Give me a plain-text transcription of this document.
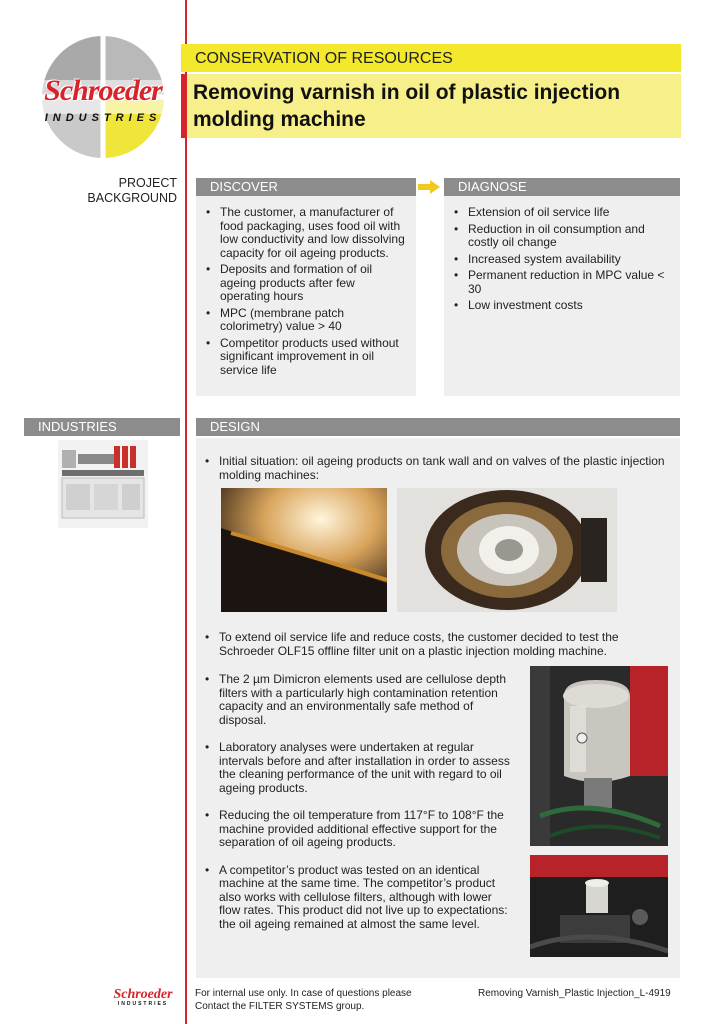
Schroeder
INDUSTRIES
CONSERVATION OF RESOURCES
Removing varnish in oil of plastic injection molding machine
PROJECT BACKGROUND
DISCOVER
• The customer, a manufacturer of food packaging, uses food oil with low conductivity and low dissolving capacity for oil ageing products.
• Deposits and formation of oil ageing products after few operating hours
• MPC (membrane patch colorimetry) value > 40
• Competitor products used without significant improvement in oil service life
DIAGNOSE
• Extension of oil service life
• Reduction in oil consumption and costly oil change
• Increased system availability
• Permanent reduction in MPC value < 30
• Low investment costs
INDUSTRIES	DESIGN
• Initial situation: oil ageing products on tank wall and on valves of the plastic injection molding machines:
• To extend oil service life and reduce costs, the customer decided to test the Schroeder OLF15 offline filter unit on a plastic injection molding machine.
• The 2 µm Dimicron elements used are cellulose depth filters with a particularly high contamination retention capacity and an environmentally safe method of disposal.
• Laboratory analyses were undertaken at regular intervals before and after installation in order to assess the cleaning performance of the unit with regard to oil ageing products.
• Reducing the oil temperature from 117°F to 108°F the machine provided additional effective support for the separation of oil ageing products.
• A competitor’s product was tested on an identical machine at the same time. The competitor’s product also works with cellulose filters, although with lower flow rates. This product did not live up to expectations: the oil ageing remained at almost the same level.
Schroeder
INDUSTRIES
For internal use only. In case of questions please
Contact the FILTER SYSTEMS group.
Removing Varnish_Plastic Injection_L-4919
